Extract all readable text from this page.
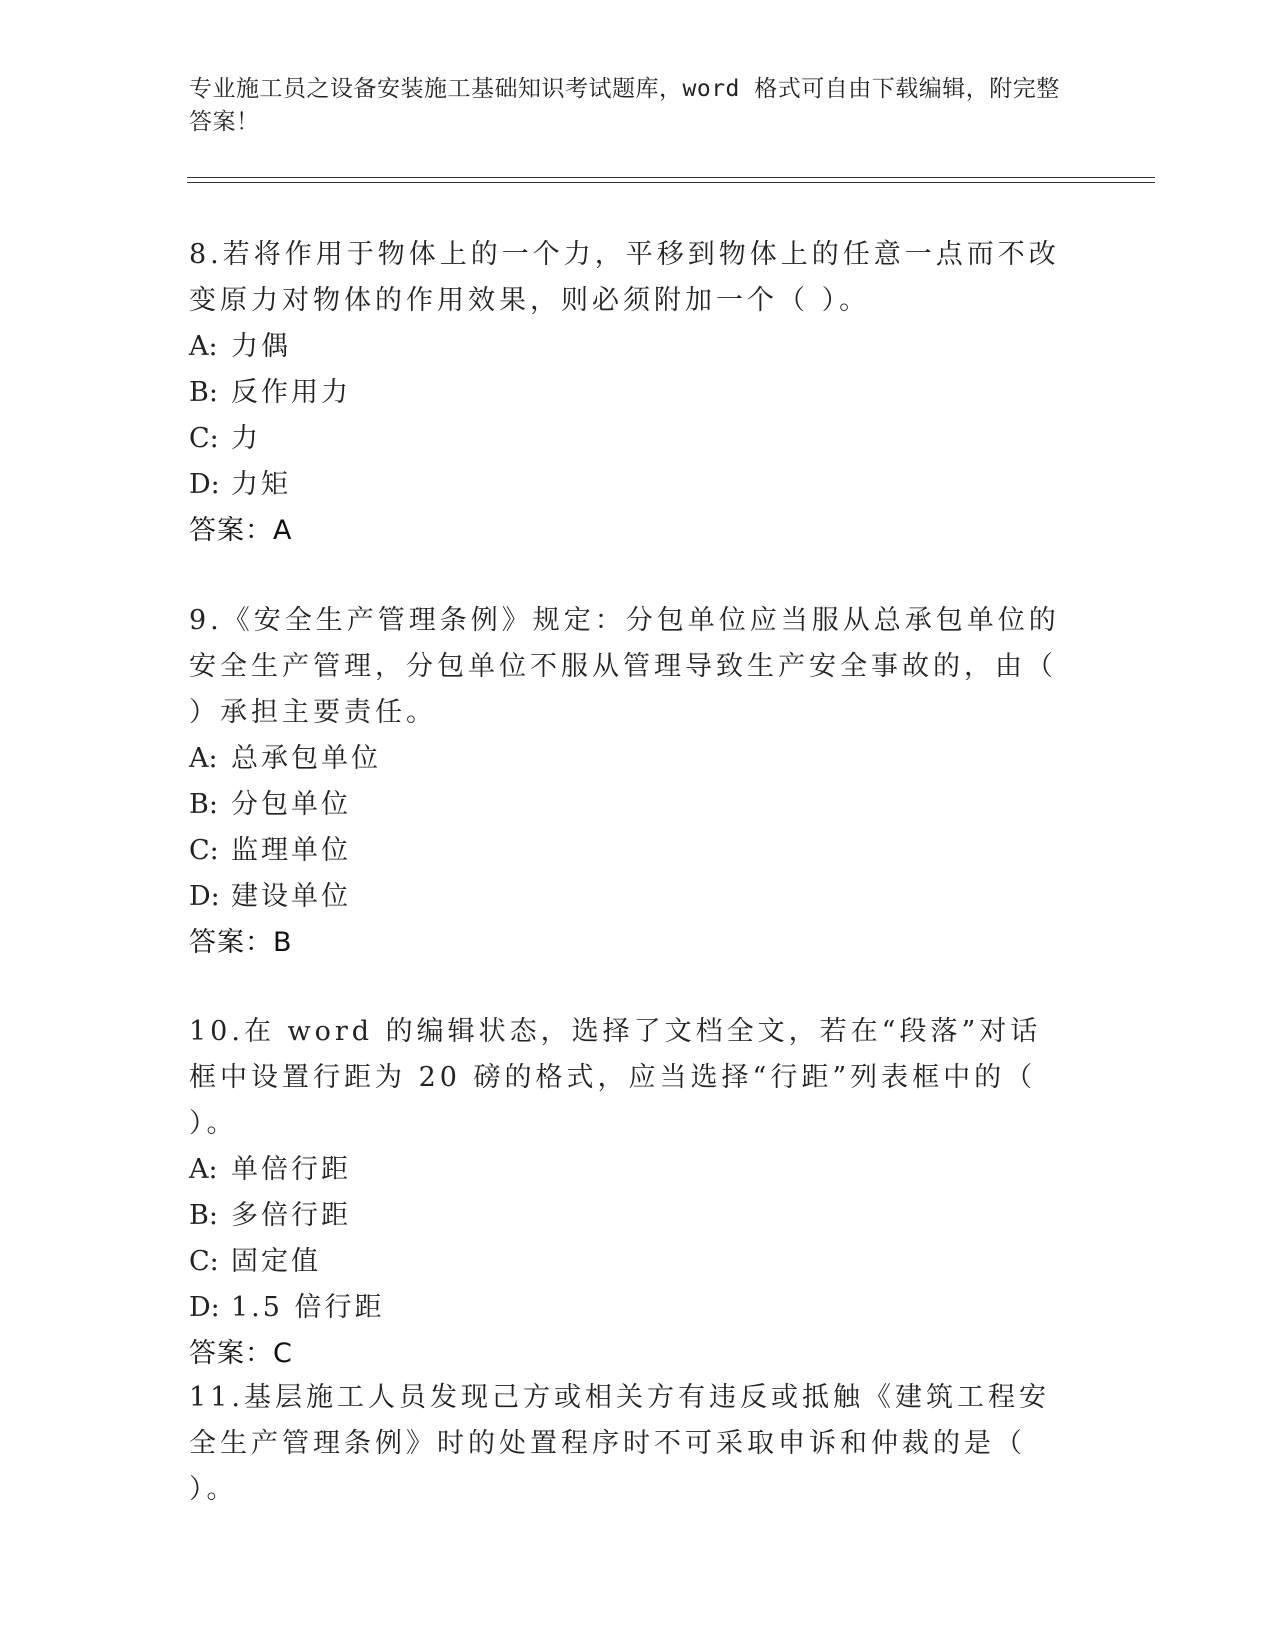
专业施工员之设备安装施工基础知识考试题库，word 格式可自由下载编辑，附完整答案！

8.若将作用于物体上的一个力，平移到物体上的任意一点而不改变原力对物体的作用效果，则必须附加一个（ ）。

A: 力偶
B: 反作用力
C: 力
D: 力矩
答案：A

9.《安全生产管理条例》规定：分包单位应当服从总承包单位的安全生产管理，分包单位不服从管理导致生产安全事故的，由（ ）承担主要责任。

A: 总承包单位
B: 分包单位
C: 监理单位
D: 建设单位
答案：B

10.在 word 的编辑状态，选择了文档全文，若在“段落”对话框中设置行距为 20 磅的格式，应当选择“行距”列表框中的（ ）。

A: 单倍行距
B: 多倍行距
C: 固定值
D: 1.5 倍行距
答案：C

11.基层施工人员发现己方或相关方有违反或抵触《建筑工程安全生产管理条例》时的处置程序时不可采取申诉和仲裁的是（ ）。
